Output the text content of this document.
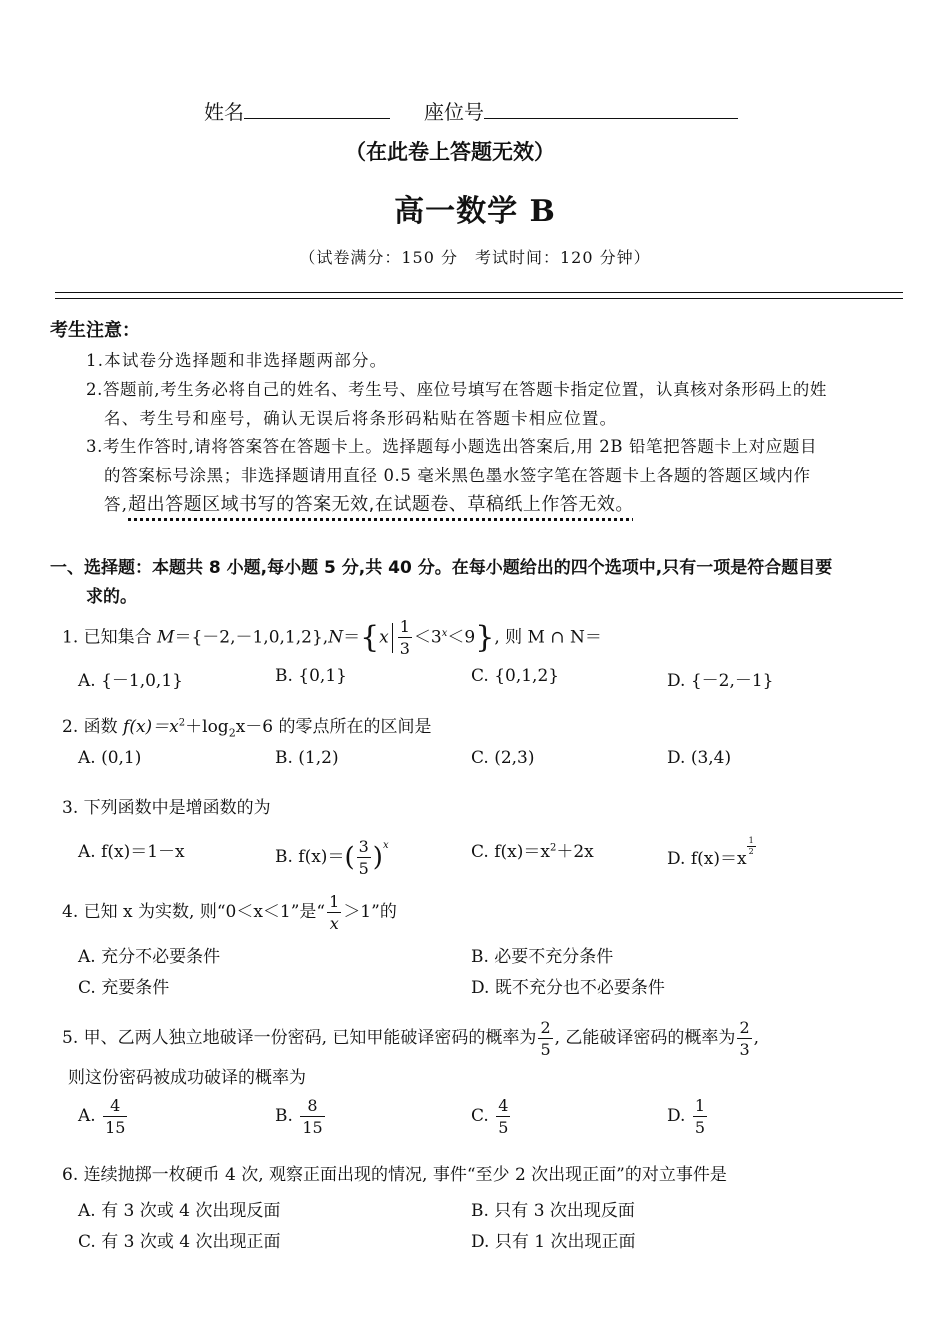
姓名	座位号
（在此卷上答题无效）
高一数学 B
（试卷满分：150 分　考试时间：120 分钟）
考生注意：
1.本试卷分选择题和非选择题两部分。
2.答题前,考生务必将自己的姓名、考生号、座位号填写在答题卡指定位置，认真核对条形码上的姓
名、考生号和座号，确认无误后将条形码粘贴在答题卡相应位置。
3.考生作答时,请将答案答在答题卡上。选择题每小题选出答案后,用 2B 铅笔把答题卡上对应题目
的答案标号涂黑；非选择题请用直径 0.5 毫米黑色墨水签字笔在答题卡上各题的答题区域内作
答,超出答题区域书写的答案无效,在试题卷、草稿纸上作答无效。
一、选择题：本题共 8 小题,每小题 5 分,共 40 分。在每小题给出的四个选项中,只有一项是符合题目要
求的。
1. 已知集合 $M=\{-2,-1,0,1,2\},N=\{x \frac{1}{3} <3^x<9\}$, 则 M ∩ N＝
A. {－1,0,1}	B. {0,1}	C. {0,1,2}	D. {－2,－1}
2. 函数 $f(x)=x^2+\log_2x-6$ 的零点所在的区间是
A. (0,1)	B. (1,2)	C. (2,3)	D. (3,4)
3. 下列函数中是增函数的为
A. f(x)＝1－x	B. $f(x)=( \frac{3}{5} )^x$	C. $f(x)=x^2+2x$	D. f(x)＝x
$\frac{1}{2}$
4. 已知 x 为实数, 则“0＜x＜1”是“ $\frac{1}{x} >1$”的
A. 充分不必要条件	B. 必要不充分条件
C. 充要条件	D. 既不充分也不必要条件
5. 甲、乙两人独立地破译一份密码, 已知甲能破译密码的概率为 $\frac{2}{5}$ , 乙能破译密码的概率为 $\frac{2}{3}$ ,
则这份密码被成功破译的概率为
A. $\frac{4}{15}$	B. $\frac{8}{15}$	C. $\frac{4}{5}$	D. $\frac{1}{5}$
6. 连续抛掷一枚硬币 4 次, 观察正面出现的情况, 事件“至少 2 次出现正面”的对立事件是
A. 有 3 次或 4 次出现反面	B. 只有 3 次出现反面
C. 有 3 次或 4 次出现正面	D. 只有 1 次出现正面
